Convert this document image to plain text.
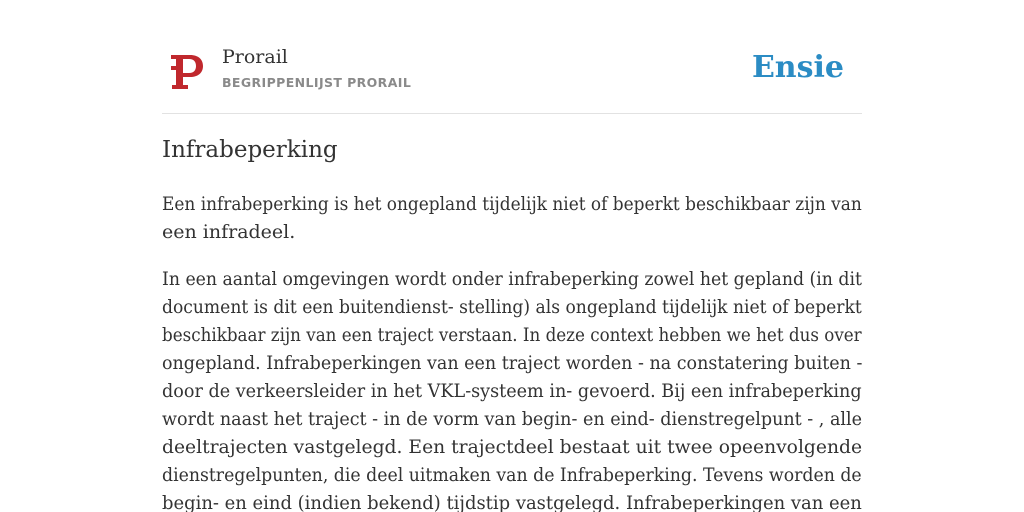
Prorail
BEGRIPPENLIJST PRORAIL	Ensie
Infrabeperking

Een infrabeperking is het ongepland tijdelijk niet of beperkt beschikbaar zijn van
een infradeel.

In een aantal omgevingen wordt onder infrabeperking zowel het gepland (in dit
document is dit een buitendienst- stelling) als ongepland tijdelijk niet of beperkt
beschikbaar zijn van een traject verstaan. In deze context hebben we het dus over
ongepland. Infrabeperkingen van een traject worden - na constatering buiten -
door de verkeersleider in het VKL-systeem in- gevoerd. Bij een infrabeperking
wordt naast het traject - in de vorm van begin- en eind- dienstregelpunt - , alle
deeltrajecten vastgelegd. Een trajectdeel bestaat uit twee opeenvolgende
dienstregelpunten, die deel uitmaken van de Infrabeperking. Tevens worden de
begin- en eind (indien bekend) tijdstip vastgelegd. Infrabeperkingen van een
